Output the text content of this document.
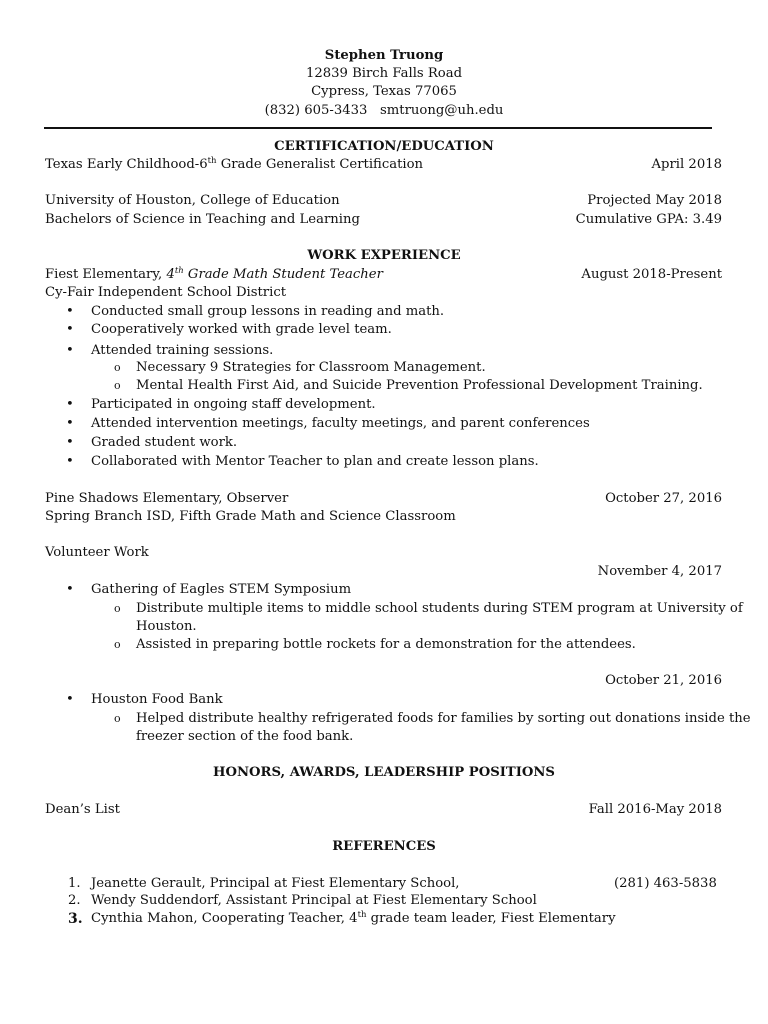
Stephen Truong
12839 Birch Falls Road
Cypress, Texas 77065
(832) 605-3433 smtruong@uh.edu
CERTIFICATION/EDUCATION
Texas Early Childhood-6th Grade Generalist Certification	April 2018
University of Houston, College of Education	Projected May 2018
Bachelors of Science in Teaching and Learning	Cumulative GPA: 3.49
WORK EXPERIENCE
Fiest Elementary, 4th Grade Math Student Teacher	August 2018-Present
Cy-Fair Independent School District
• Conducted small group lessons in reading and math.
• Cooperatively worked with grade level team.
• Attended training sessions.
o Necessary 9 Strategies for Classroom Management.
o Mental Health First Aid, and Suicide Prevention Professional Development Training.
• Participated in ongoing staff development.
• Attended intervention meetings, faculty meetings, and parent conferences
• Graded student work.
• Collaborated with Mentor Teacher to plan and create lesson plans.
Pine Shadows Elementary, Observer	October 27, 2016
Spring Branch ISD, Fifth Grade Math and Science Classroom
Volunteer Work
November 4, 2017
• Gathering of Eagles STEM Symposium
o Distribute multiple items to middle school students during STEM program at University of
Houston.
o Assisted in preparing bottle rockets for a demonstration for the attendees.
October 21, 2016
• Houston Food Bank
o Helped distribute healthy refrigerated foods for families by sorting out donations inside the
freezer section of the food bank.
HONORS, AWARDS, LEADERSHIP POSITIONS
Dean’s List	Fall 2016-May 2018
REFERENCES
1. Jeanette Gerault, Principal at Fiest Elementary School,	(281) 463-5838
2. Wendy Suddendorf, Assistant Principal at Fiest Elementary School
3. Cynthia Mahon, Cooperating Teacher, 4th grade team leader, Fiest Elementary
